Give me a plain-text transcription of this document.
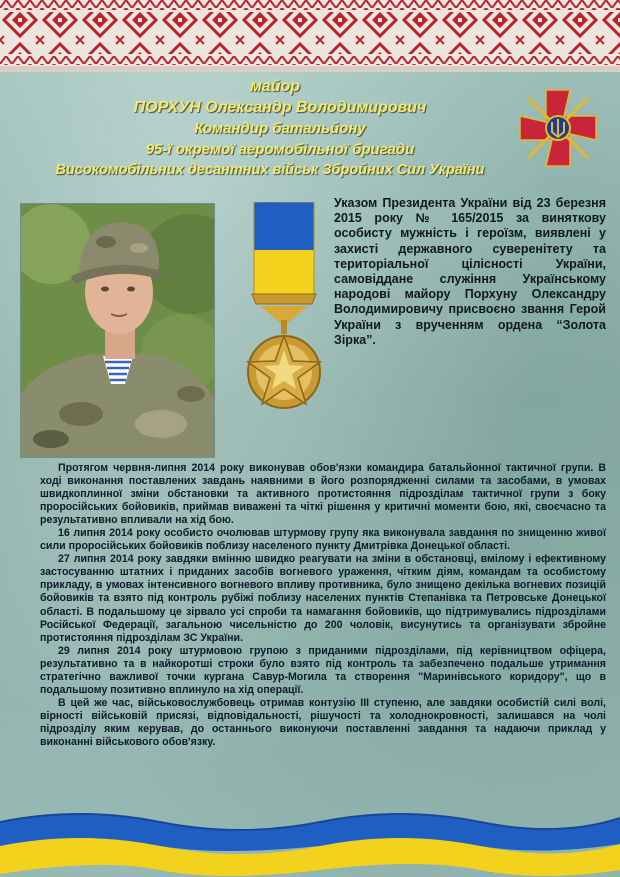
майор
ПОРХУН Олександр Володимирович
Командир батальйону
95-ї окремої аеромобільної бригади
Високомобільних десантних військ Збройних Сил України
Указом Президента України від 23 березня 2015 року № 165/2015 за виняткову особисту мужність і героїзм, виявлені у захисті державного суверенітету та територіальної цілісності України, самовіддане служіння Українському народові майору Порхуну Олександру Володимировичу присвоєно звання Герой України з врученням ордена “Золота Зірка”.

Протягом червня-липня 2014 року виконував обов'язки командира батальйонної тактичної групи. В ході виконання поставлених завдань наявними в його розпорядженні силами та засобами, в умовах швидкоплинної зміни обстановки та активного протистояння підрозділам тактичної групи з боку проросійських бойовиків, приймав виважені та чіткі рішення у критичні моменти бою, які, своєчасно та результативно впливали на хід бою.

16 липня 2014 року особисто очолював штурмову групу яка виконувала завдання по знищенню живої сили проросійських бойовиків поблизу населеного пункту Дмитрівка Донецької області.

27 липня 2014 року завдяки вмінню швидко реагувати на зміни в обстановці, вмілому і ефективному застосуванню штатних і приданих засобів вогневого ураження, чітким діям, командам та особистому прикладу, в умовах інтенсивного вогневого впливу противника, було знищено декілька вогневих позицій бойовиків та взято під контроль рубіжі поблизу населених пунктів Степанівка та Петровське Донецької області. В подальшому це зірвало усі спроби та намагання бойовиків, що підтримувались підрозділами Російської Федерації, загальною чисельністю до 200 чоловік, висунутись та організувати збройне протистояння підрозділам ЗС України.

29 липня 2014 року штурмовою групою з приданими підрозділами, під керівництвом офіцера, результативно та в найкоротші строки було взято під контроль та забезпечено подальше утримання стратегічно важливої точки кургана Савур-Могила та створення "Маринівського коридору", що в подальшому позитивно вплинуло на хід операції.

В цей же час, військовослужбовець отримав контузію ІІІ ступеню, але завдяки особистій силі волі, вірності військовій присязі, відповідальності, рішучості та холоднокровності, залишався на чолі підрозділу яким керував, до останнього виконуючи поставленні завдання та надаючи приклад у виконанні військового обов'язку.
